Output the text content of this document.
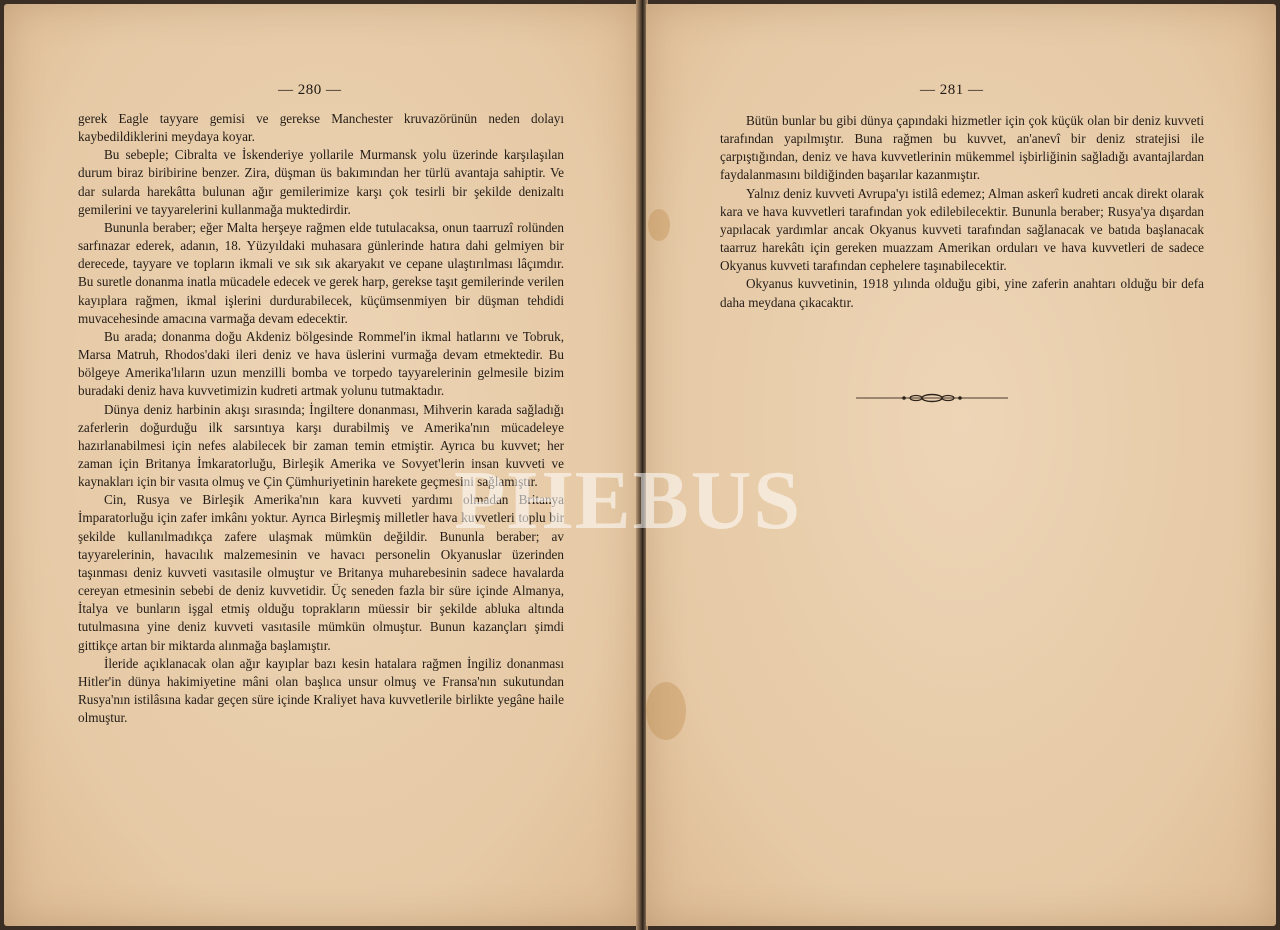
— 280 —

gerek Eagle tayyare gemisi ve gerekse Manchester kruvazörünün neden dolayı kaybedildiklerini meydaya koyar.

Bu sebeple; Cibralta ve İskenderiye yollarile Murmansk yolu üzerinde karşılaşılan durum biraz biribirine benzer. Zira, düşman üs bakımından her türlü avantaja sahiptir. Ve dar sularda harekâtta bulunan ağır gemilerimize karşı çok tesirli bir şekilde denizaltı gemilerini ve tayyarelerini kullanmağa muktedirdir.

Bununla beraber; eğer Malta herşeye rağmen elde tutulacaksa, onun taarruzî rolünden sarfınazar ederek, adanın, 18. Yüzyıldaki muhasara günlerinde hatıra dahi gelmiyen bir derecede, tayyare ve topların ikmali ve sık sık akaryakıt ve cepane ulaştırılması lâçımdır. Bu suretle donanma inatla mücadele edecek ve gerek harp, gerekse taşıt gemilerinde verilen kayıplara rağmen, ikmal işlerini durdurabilecek, küçümsenmiyen bir düşman tehdidi muvacehesinde amacına varmağa devam edecektir.

Bu arada; donanma doğu Akdeniz bölgesinde Rommel'in ikmal hatlarını ve Tobruk, Marsa Matruh, Rhodos'daki ileri deniz ve hava üslerini vurmağa devam etmektedir. Bu bölgeye Amerika'lıların uzun menzilli bomba ve torpedo tayyarelerinin gelmesile bizim buradaki deniz hava kuvvetimizin kudreti artmak yolunu tutmaktadır.

Dünya deniz harbinin akışı sırasında; İngiltere donanması, Mihverin karada sağladığı zaferlerin doğurduğu ilk sarsıntıya karşı durabilmiş ve Amerika'nın mücadeleye hazırlanabilmesi için nefes alabilecek bir zaman temin etmiştir. Ayrıca bu kuvvet; her zaman için Britanya İmkaratorluğu, Birleşik Amerika ve Sovyet'lerin insan kuvveti ve kaynakları için bir vasıta olmuş ve Çin Çümhuriyetinin harekete geçmesini sağlamıştır.

Cin, Rusya ve Birleşik Amerika'nın kara kuvveti yardımı olmadan Britanya İmparatorluğu için zafer imkânı yoktur. Ayrıca Birleşmiş milletler hava kuvvetleri toplu bir şekilde kullanılmadıkça zafere ulaşmak mümkün değildir. Bununla beraber; av tayyarelerinin, havacılık malzemesinin ve havacı personelin Okyanuslar üzerinden taşınması deniz kuvveti vasıtasile olmuştur ve Britanya muharebesinin sadece havalarda cereyan etmesinin sebebi de deniz kuvvetidir. Üç seneden fazla bir süre içinde Almanya, İtalya ve bunların işgal etmiş olduğu toprakların müessir bir şekilde abluka altında tutulmasına yine deniz kuvveti vasıtasile mümkün olmuştur. Bunun kazançları şimdi gittikçe artan bir miktarda alınmağa başlamıştır.

İleride açıklanacak olan ağır kayıplar bazı kesin hatalara rağmen İngiliz donanması Hitler'in dünya hakimiyetine mâni olan başlıca unsur olmuş ve Fransa'nın sukutundan Rusya'nın istilâsına kadar geçen süre içinde Kraliyet hava kuvvetlerile birlikte yegâne haile olmuştur.

— 281 —

Bütün bunlar bu gibi dünya çapındaki hizmetler için çok küçük olan bir deniz kuvveti tarafından yapılmıştır. Buna rağmen bu kuvvet, an'anevî bir deniz stratejisi ile çarpıştığından, deniz ve hava kuvvetlerinin mükemmel işbirliğinin sağladığı avantajlardan faydalanmasını bildiğinden başarılar kazanmıştır.

Yalnız deniz kuvveti Avrupa'yı istilâ edemez; Alman askerî kudreti ancak direkt olarak kara ve hava kuvvetleri tarafından yok edilebilecektir. Bununla beraber; Rusya'ya dışardan yapılacak yardımlar ancak Okyanus kuvveti tarafından sağlanacak ve batıda başlanacak taarruz harekâtı için gereken muazzam Amerikan orduları ve hava kuvvetleri de sadece Okyanus kuvveti tarafından cephelere taşınabilecektir.

Okyanus kuvvetinin, 1918 yılında olduğu gibi, yine zaferin anahtarı olduğu bir defa daha meydana çıkacaktır.

PHEBUS
